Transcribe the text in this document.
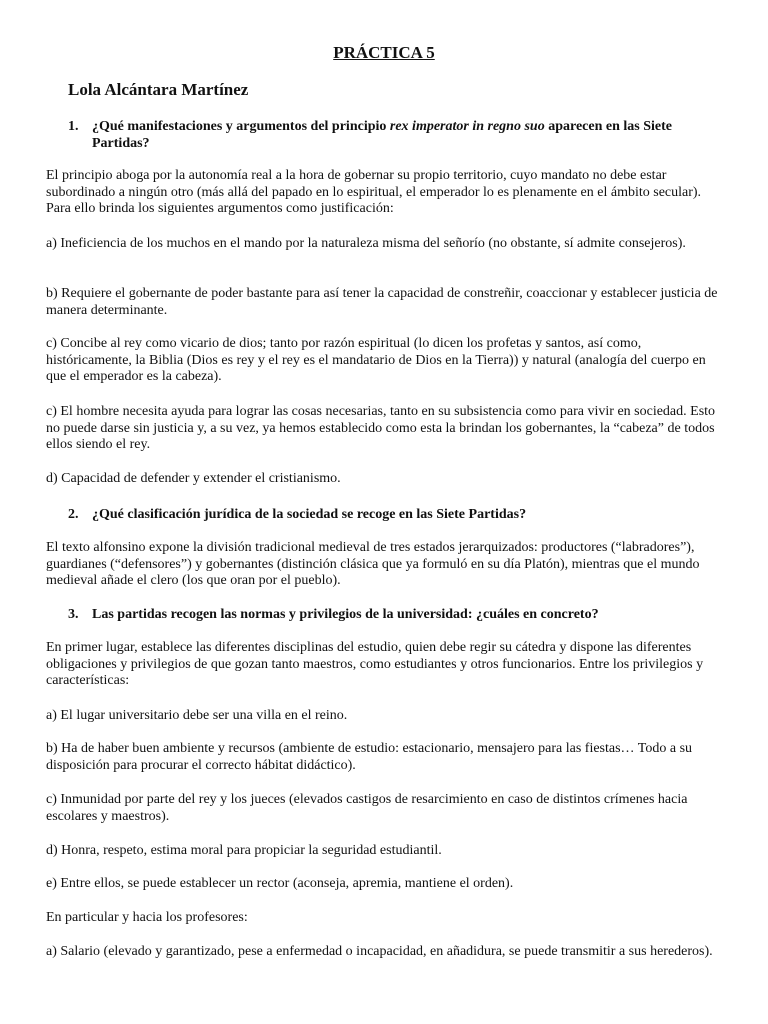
PRÁCTICA 5
Lola Alcántara Martínez
1. ¿Qué manifestaciones y argumentos del principio rex imperator in regno suo aparecen en las Siete Partidas?

El principio aboga por la autonomía real a la hora de gobernar su propio territorio, cuyo mandato no debe estar subordinado a ningún otro (más allá del papado en lo espiritual, el emperador lo es plenamente en el ámbito secular). Para ello brinda los siguientes argumentos como justificación:

a) Ineficiencia de los muchos en el mando por la naturaleza misma del señorío (no obstante, sí admite consejeros).

b) Requiere el gobernante de poder bastante para así tener la capacidad de constreñir, coaccionar y establecer justicia de manera determinante.

c) Concibe al rey como vicario de dios; tanto por razón espiritual (lo dicen los profetas y santos, así como, históricamente, la Biblia (Dios es rey y el rey es el mandatario de Dios en la Tierra)) y natural (analogía del cuerpo en que el emperador es la cabeza).

c) El hombre necesita ayuda para lograr las cosas necesarias, tanto en su subsistencia como para vivir en sociedad. Esto no puede darse sin justicia y, a su vez, ya hemos establecido como esta la brindan los gobernantes, la “cabeza” de todos ellos siendo el rey.

d) Capacidad de defender y extender el cristianismo.

2. ¿Qué clasificación jurídica de la sociedad se recoge en las Siete Partidas?

El texto alfonsino expone la división tradicional medieval de tres estados jerarquizados: productores (“labradores”), guardianes (“defensores”) y gobernantes (distinción clásica que ya formuló en su día Platón), mientras que el mundo medieval añade el clero (los que oran por el pueblo).

3. Las partidas recogen las normas y privilegios de la universidad: ¿cuáles en concreto?

En primer lugar, establece las diferentes disciplinas del estudio, quien debe regir su cátedra y dispone las diferentes obligaciones y privilegios de que gozan tanto maestros, como estudiantes y otros funcionarios. Entre los privilegios y características:

a) El lugar universitario debe ser una villa en el reino.

b) Ha de haber buen ambiente y recursos (ambiente de estudio: estacionario, mensajero para las fiestas… Todo a su disposición para procurar el correcto hábitat didáctico).

c) Inmunidad por parte del rey y los jueces (elevados castigos de resarcimiento en caso de distintos crímenes hacia escolares y maestros).

d) Honra, respeto, estima moral para propiciar la seguridad estudiantil.

e) Entre ellos, se puede establecer un rector (aconseja, apremia, mantiene el orden).

En particular y hacia los profesores:

a) Salario (elevado y garantizado, pese a enfermedad o incapacidad, en añadidura, se puede transmitir a sus herederos).
